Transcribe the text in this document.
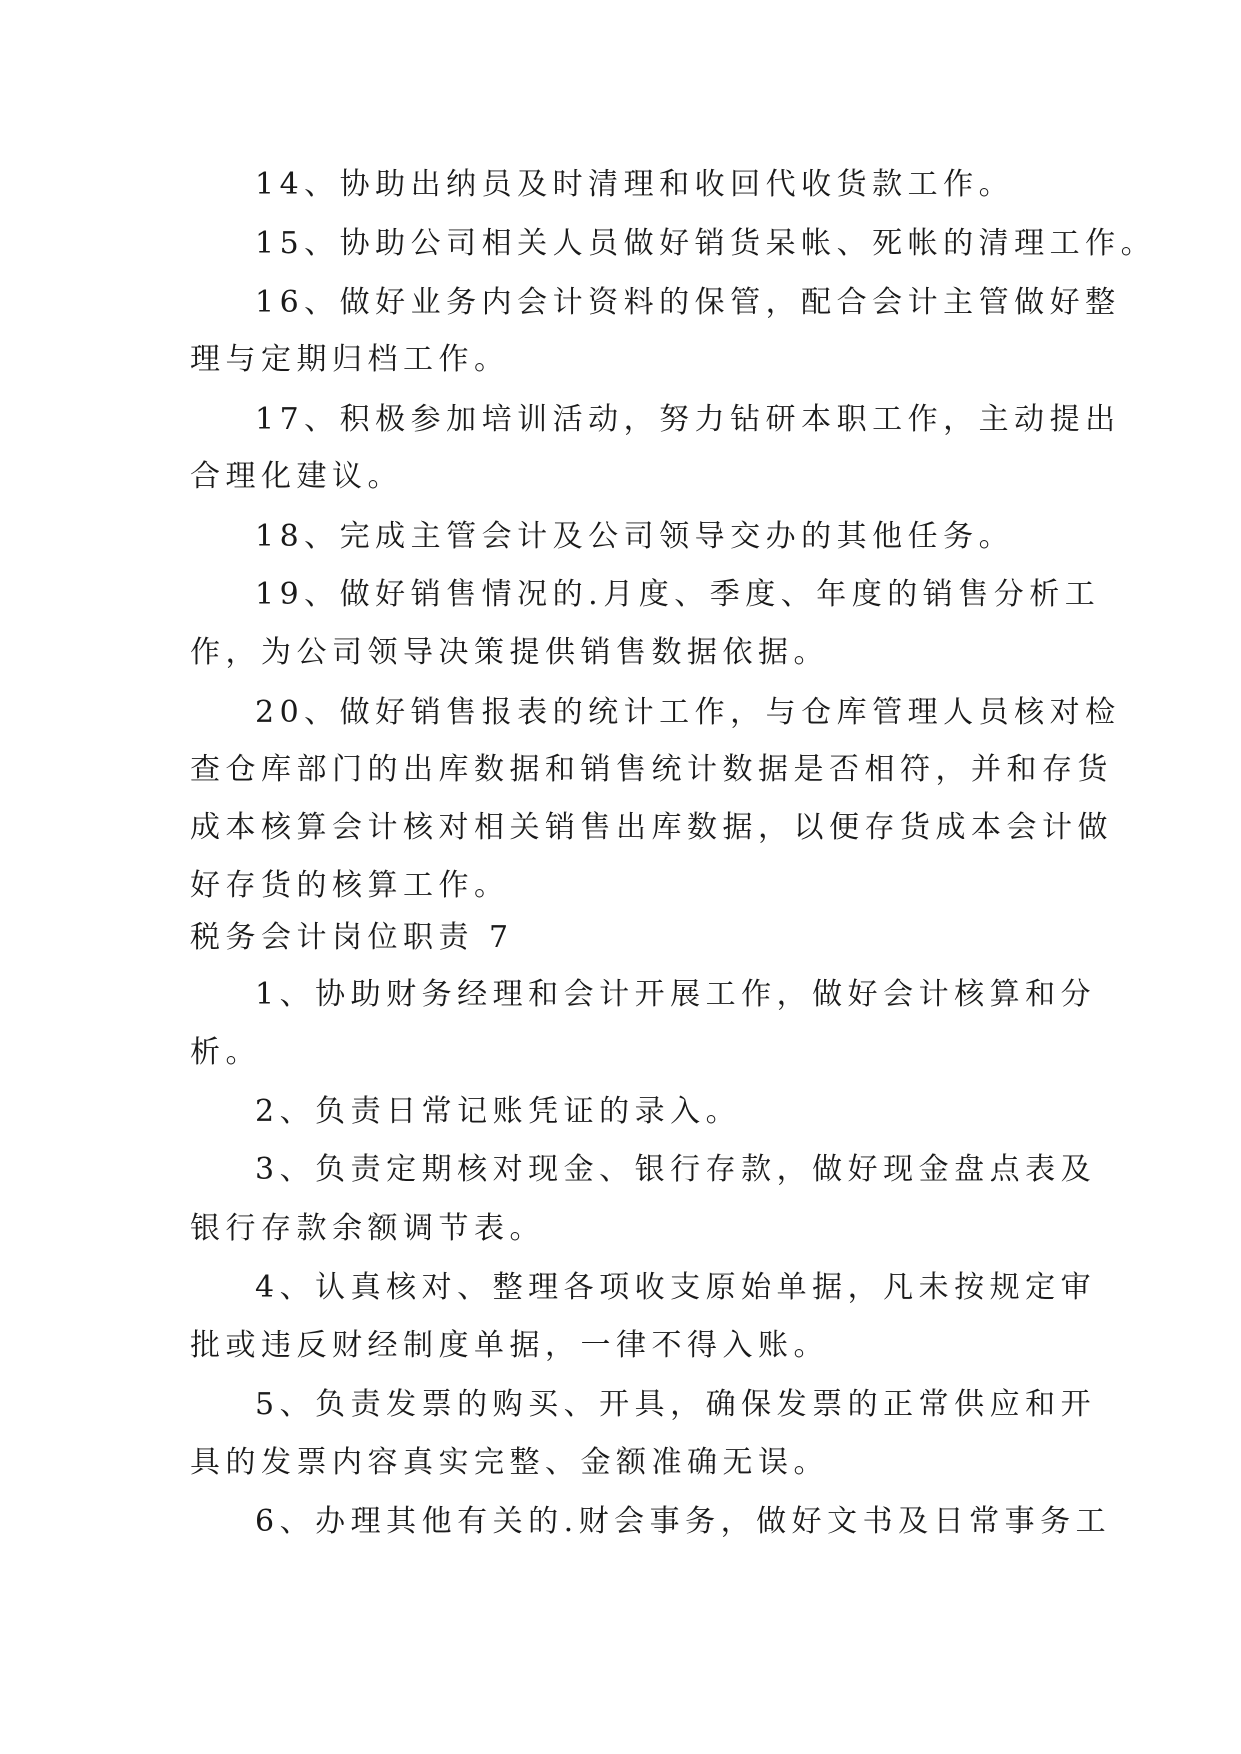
14、协助出纳员及时清理和收回代收货款工作。

15、协助公司相关人员做好销货呆帐、死帐的清理工作。

16、做好业务内会计资料的保管，配合会计主管做好整

理与定期归档工作。

17、积极参加培训活动，努力钻研本职工作，主动提出

合理化建议。

18、完成主管会计及公司领导交办的其他任务。

19、做好销售情况的.月度、季度、年度的销售分析工

作，为公司领导决策提供销售数据依据。

20、做好销售报表的统计工作，与仓库管理人员核对检

查仓库部门的出库数据和销售统计数据是否相符，并和存货

成本核算会计核对相关销售出库数据，以便存货成本会计做

好存货的核算工作。

税务会计岗位职责 7

1、协助财务经理和会计开展工作，做好会计核算和分

析。

2、负责日常记账凭证的录入。

3、负责定期核对现金、银行存款，做好现金盘点表及

银行存款余额调节表。

4、认真核对、整理各项收支原始单据，凡未按规定审

批或违反财经制度单据，一律不得入账。

5、负责发票的购买、开具，确保发票的正常供应和开

具的发票内容真实完整、金额准确无误。

6、办理其他有关的.财会事务，做好文书及日常事务工
